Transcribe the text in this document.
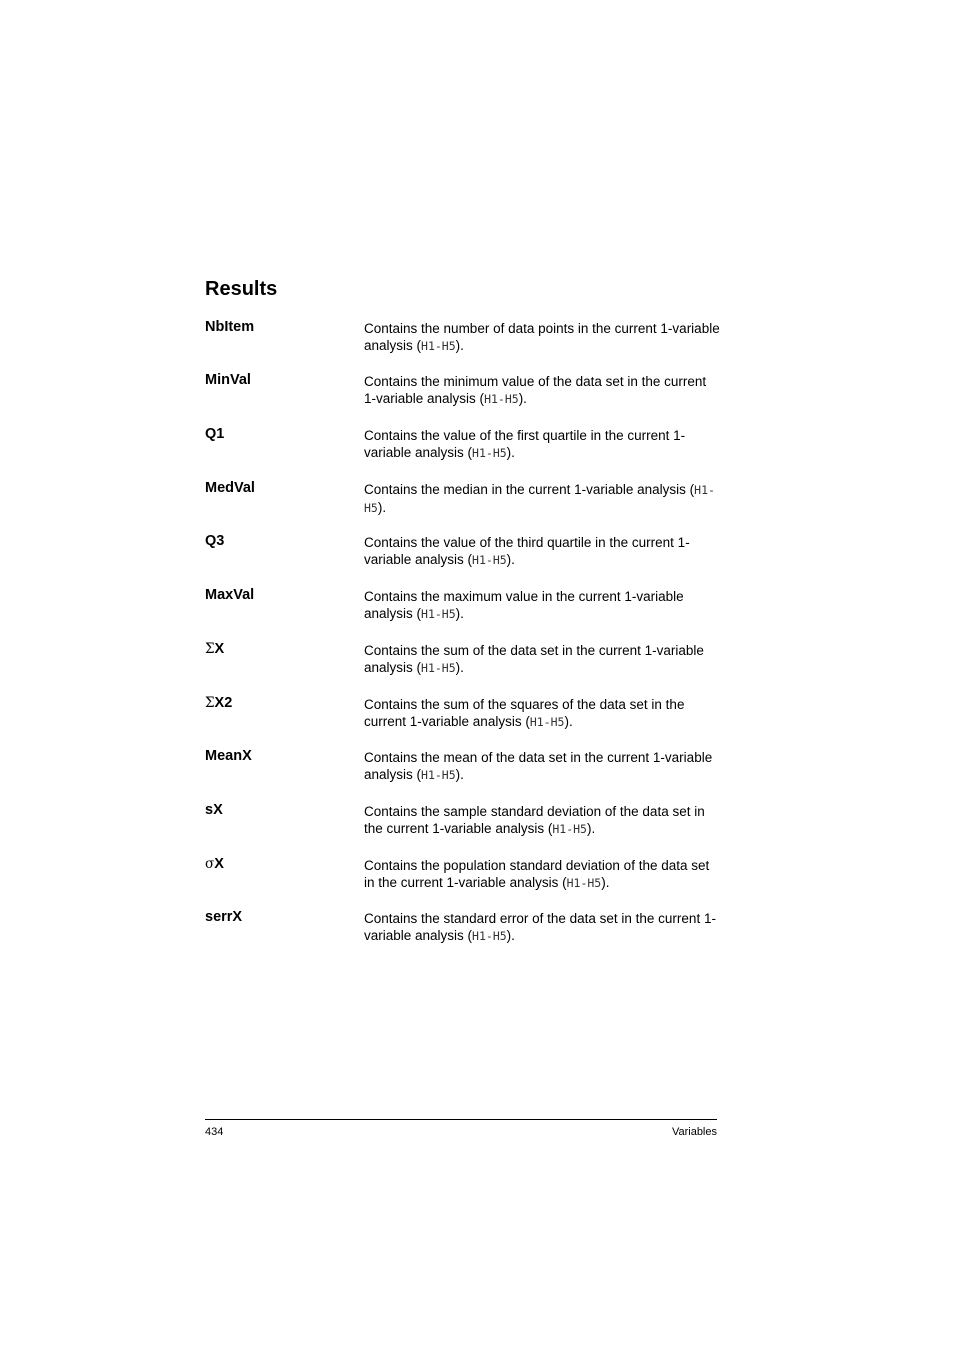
Results
NbItem	Contains the number of data points in the current 1-variable analysis (H1-H5).
MinVal	Contains the minimum value of the data set in the current 1-variable analysis (H1-H5).
Q1	Contains the value of the first quartile in the current 1-variable analysis (H1-H5).
MedVal	Contains the median in the current 1-variable analysis (H1-H5).
Q3	Contains the value of the third quartile in the current 1-variable analysis (H1-H5).
MaxVal	Contains the maximum value in the current 1-variable analysis (H1-H5).
ΣX	Contains the sum of the data set in the current 1-variable analysis (H1-H5).
ΣX2	Contains the sum of the squares of the data set in the current 1-variable analysis (H1-H5).
MeanX	Contains the mean of the data set in the current 1-variable analysis (H1-H5).
sX	Contains the sample standard deviation of the data set in the current 1-variable analysis (H1-H5).
σX	Contains the population standard deviation of the data set in the current 1-variable analysis (H1-H5).
serrX	Contains the standard error of the data set in the current 1-variable analysis (H1-H5).
434	Variables
